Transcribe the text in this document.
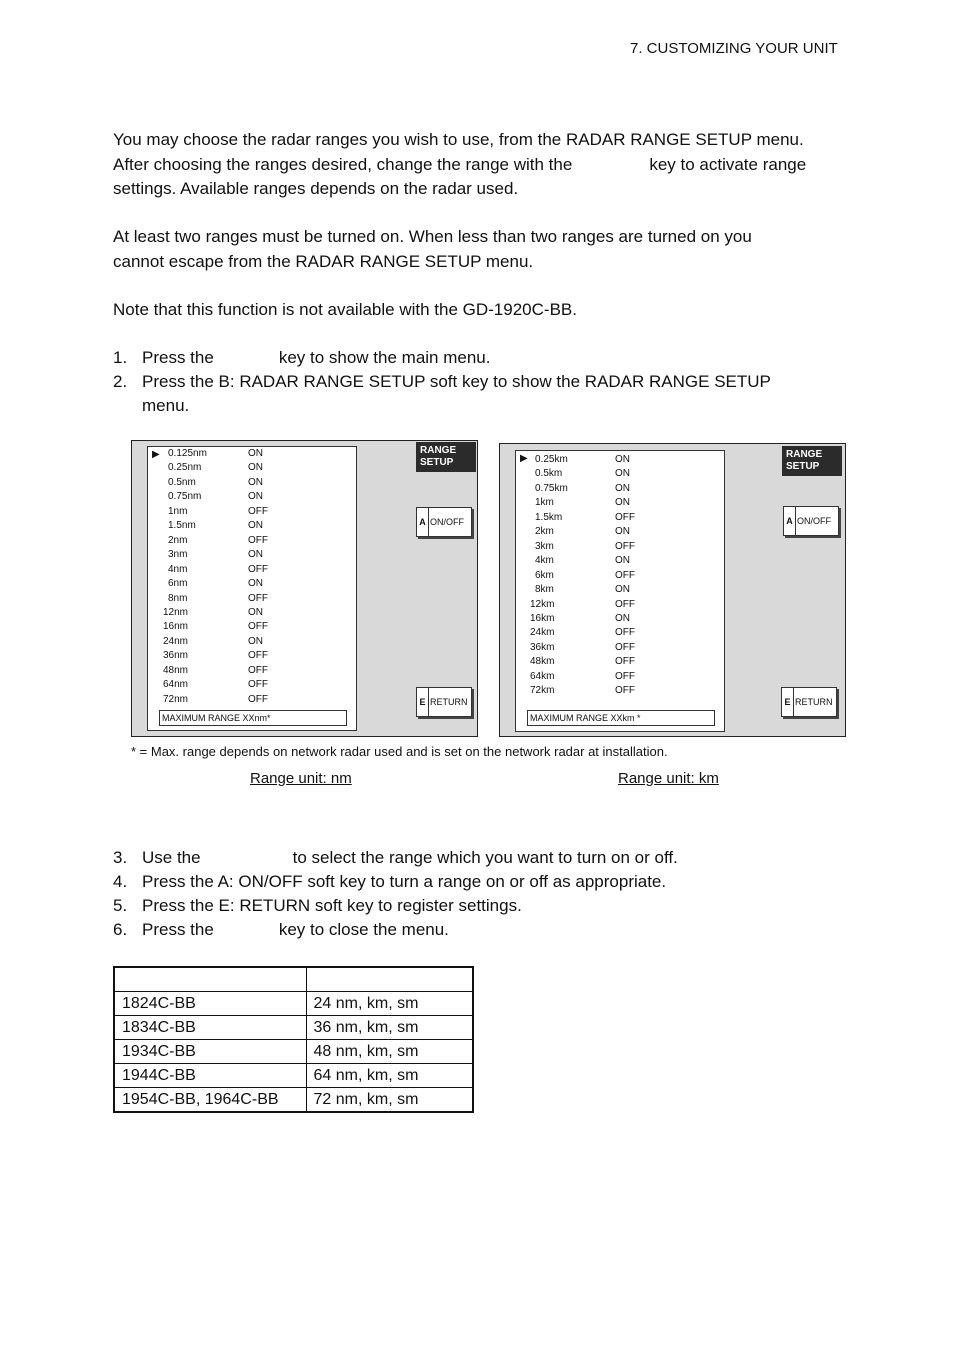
7. CUSTOMIZING YOUR UNIT

You may choose the radar ranges you wish to use, from the RADAR RANGE SETUP menu.

After choosing the ranges desired, change the range with the	key to activate range

settings. Available ranges depends on the radar used.

At least two ranges must be turned on. When less than two ranges are turned on you

cannot escape from the RADAR RANGE SETUP menu.

Note that this function is not available with the GD-1920C-BB.

1. Press the	key to show the main menu.
2. Press the B: RADAR RANGE SETUP soft key to show the RADAR RANGE SETUP
menu.
▶ 0.125nm	ON
0.25nm	ON
0.5nm	ON
0.75nm	ON
1nm	OFF
1.5nm	ON
2nm	OFF
3nm	ON
4nm	OFF
6nm	ON
8nm	OFF
12nm	ON
16nm	OFF
24nm	ON
36nm	OFF
48nm	OFF
64nm	OFF
72nm	OFF
MAXIMUM RANGE XXnm*
RANGE
SETUP
A ON/OFF
E RETURN
▶ 0.25km	ON
0.5km	ON
0.75km	ON
1km	ON
1.5km	OFF
2km	ON
3km	OFF
4km	ON
6km	OFF
8km	ON
12km	OFF
16km	ON
24km	OFF
36km	OFF
48km	OFF
64km	OFF
72km	OFF
MAXIMUM RANGE XXkm *
RANGE
SETUP
A ON/OFF
E RETURN
* = Max. range depends on network radar used and is set on the network radar at installation.
Range unit: nm	Range unit: km
3. Use the	to select the range which you want to turn on or off.
4. Press the A: ON/OFF soft key to turn a range on or off as appropriate.
5. Press the E: RETURN soft key to register settings.
6. Press the	key to close the menu.

1824C-BB	24 nm, km, sm
1834C-BB	36 nm, km, sm
1934C-BB	48 nm, km, sm
1944C-BB	64 nm, km, sm
1954C-BB, 1964C-BB	72 nm, km, sm
